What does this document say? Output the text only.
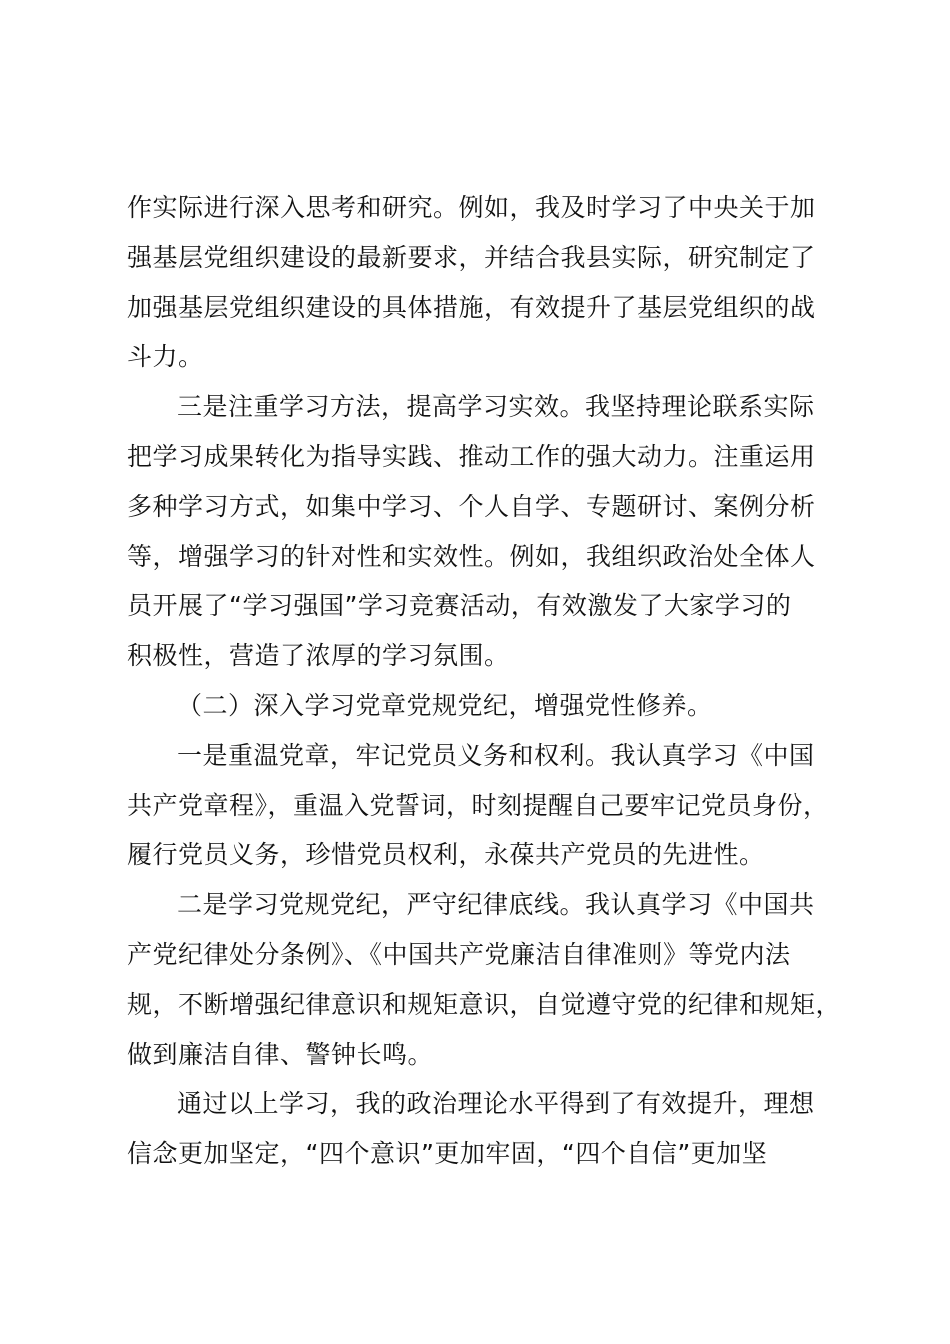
作实际进行深入思考和研究。例如，我及时学习了中央关于加
强基层党组织建设的最新要求，并结合我县实际，研究制定了
加强基层党组织建设的具体措施，有效提升了基层党组织的战
斗力。
三是注重学习方法，提高学习实效。我坚持理论联系实际
把学习成果转化为指导实践、推动工作的强大动力。注重运用
多种学习方式，如集中学习、个人自学、专题研讨、案例分析
等，增强学习的针对性和实效性。例如，我组织政治处全体人
员开展了“学习强国”学习竞赛活动，有效激发了大家学习的
积极性，营造了浓厚的学习氛围。
（二）深入学习党章党规党纪，增强党性修养。
一是重温党章，牢记党员义务和权利。我认真学习《中国
共产党章程》，重温入党誓词，时刻提醒自己要牢记党员身份，
履行党员义务，珍惜党员权利，永葆共产党员的先进性。
二是学习党规党纪，严守纪律底线。我认真学习《中国共
产党纪律处分条例》、《中国共产党廉洁自律准则》等党内法
规，不断增强纪律意识和规矩意识，自觉遵守党的纪律和规矩，
做到廉洁自律、警钟长鸣。
通过以上学习，我的政治理论水平得到了有效提升，理想
信念更加坚定，“四个意识”更加牢固，“四个自信”更加坚
